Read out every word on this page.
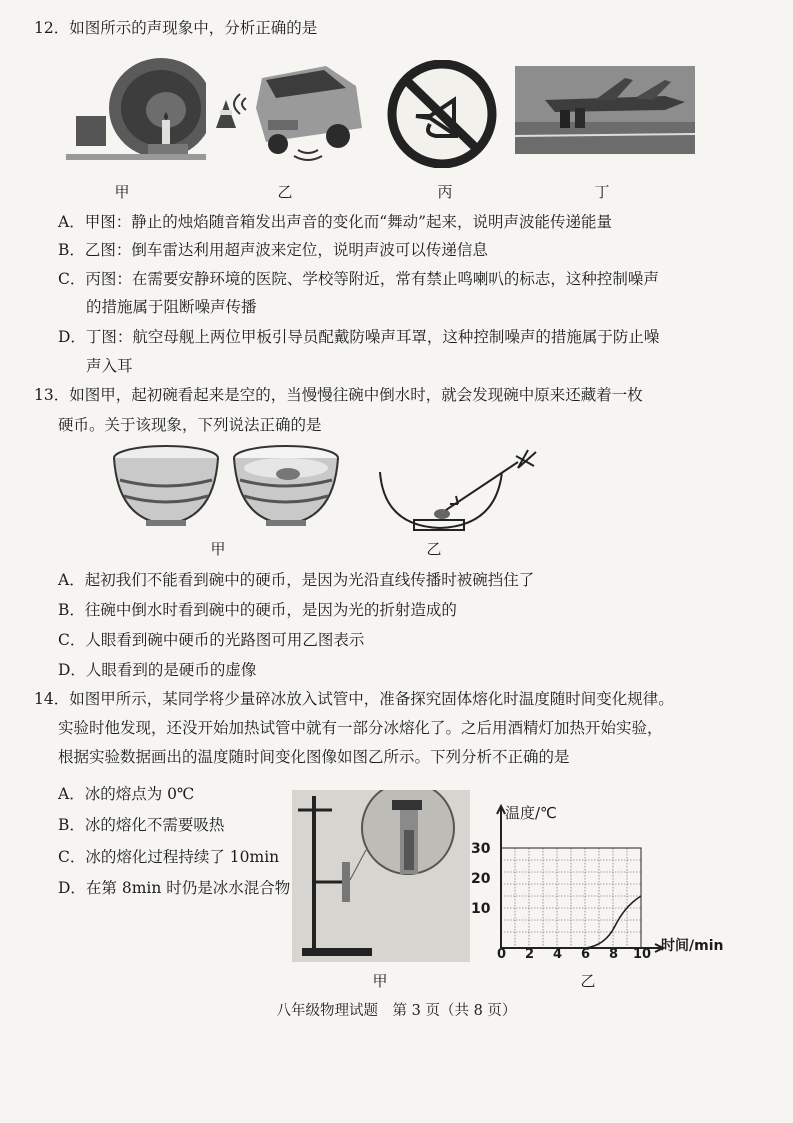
12．如图所示的声现象中，分析正确的是
甲	乙	丙	丁
A．甲图：静止的烛焰随音箱发出声音的变化而“舞动”起来，说明声波能传递能量
B．乙图：倒车雷达利用超声波来定位，说明声波可以传递信息
C．丙图：在需要安静环境的医院、学校等附近，常有禁止鸣喇叭的标志，这种控制噪声
的措施属于阻断噪声传播
D．丁图：航空母舰上两位甲板引导员配戴防噪声耳罩，这种控制噪声的措施属于防止噪
声入耳
13．如图甲，起初碗看起来是空的，当慢慢往碗中倒水时，就会发现碗中原来还藏着一枚
硬币。关于该现象，下列说法正确的是
甲	乙
A．起初我们不能看到碗中的硬币，是因为光沿直线传播时被碗挡住了
B．往碗中倒水时看到碗中的硬币，是因为光的折射造成的
C．人眼看到碗中硬币的光路图可用乙图表示
D．人眼看到的是硬币的虚像
14．如图甲所示，某同学将少量碎冰放入试管中，准备探究固体熔化时温度随时间变化规律。
实验时他发现，还没开始加热试管中就有一部分冰熔化了。之后用酒精灯加热开始实验，
根据实验数据画出的温度随时间变化图像如图乙所示。下列分析不正确的是
A．冰的熔点为 0℃
B．冰的熔化不需要吸热
C．冰的熔化过程持续了 10min
D．在第 8min 时仍是冰水混合物
温度/℃
30
20
10
0 2 4 6 8 10
时间/min
甲	乙
八年级物理试题　第 3 页（共 8 页）
